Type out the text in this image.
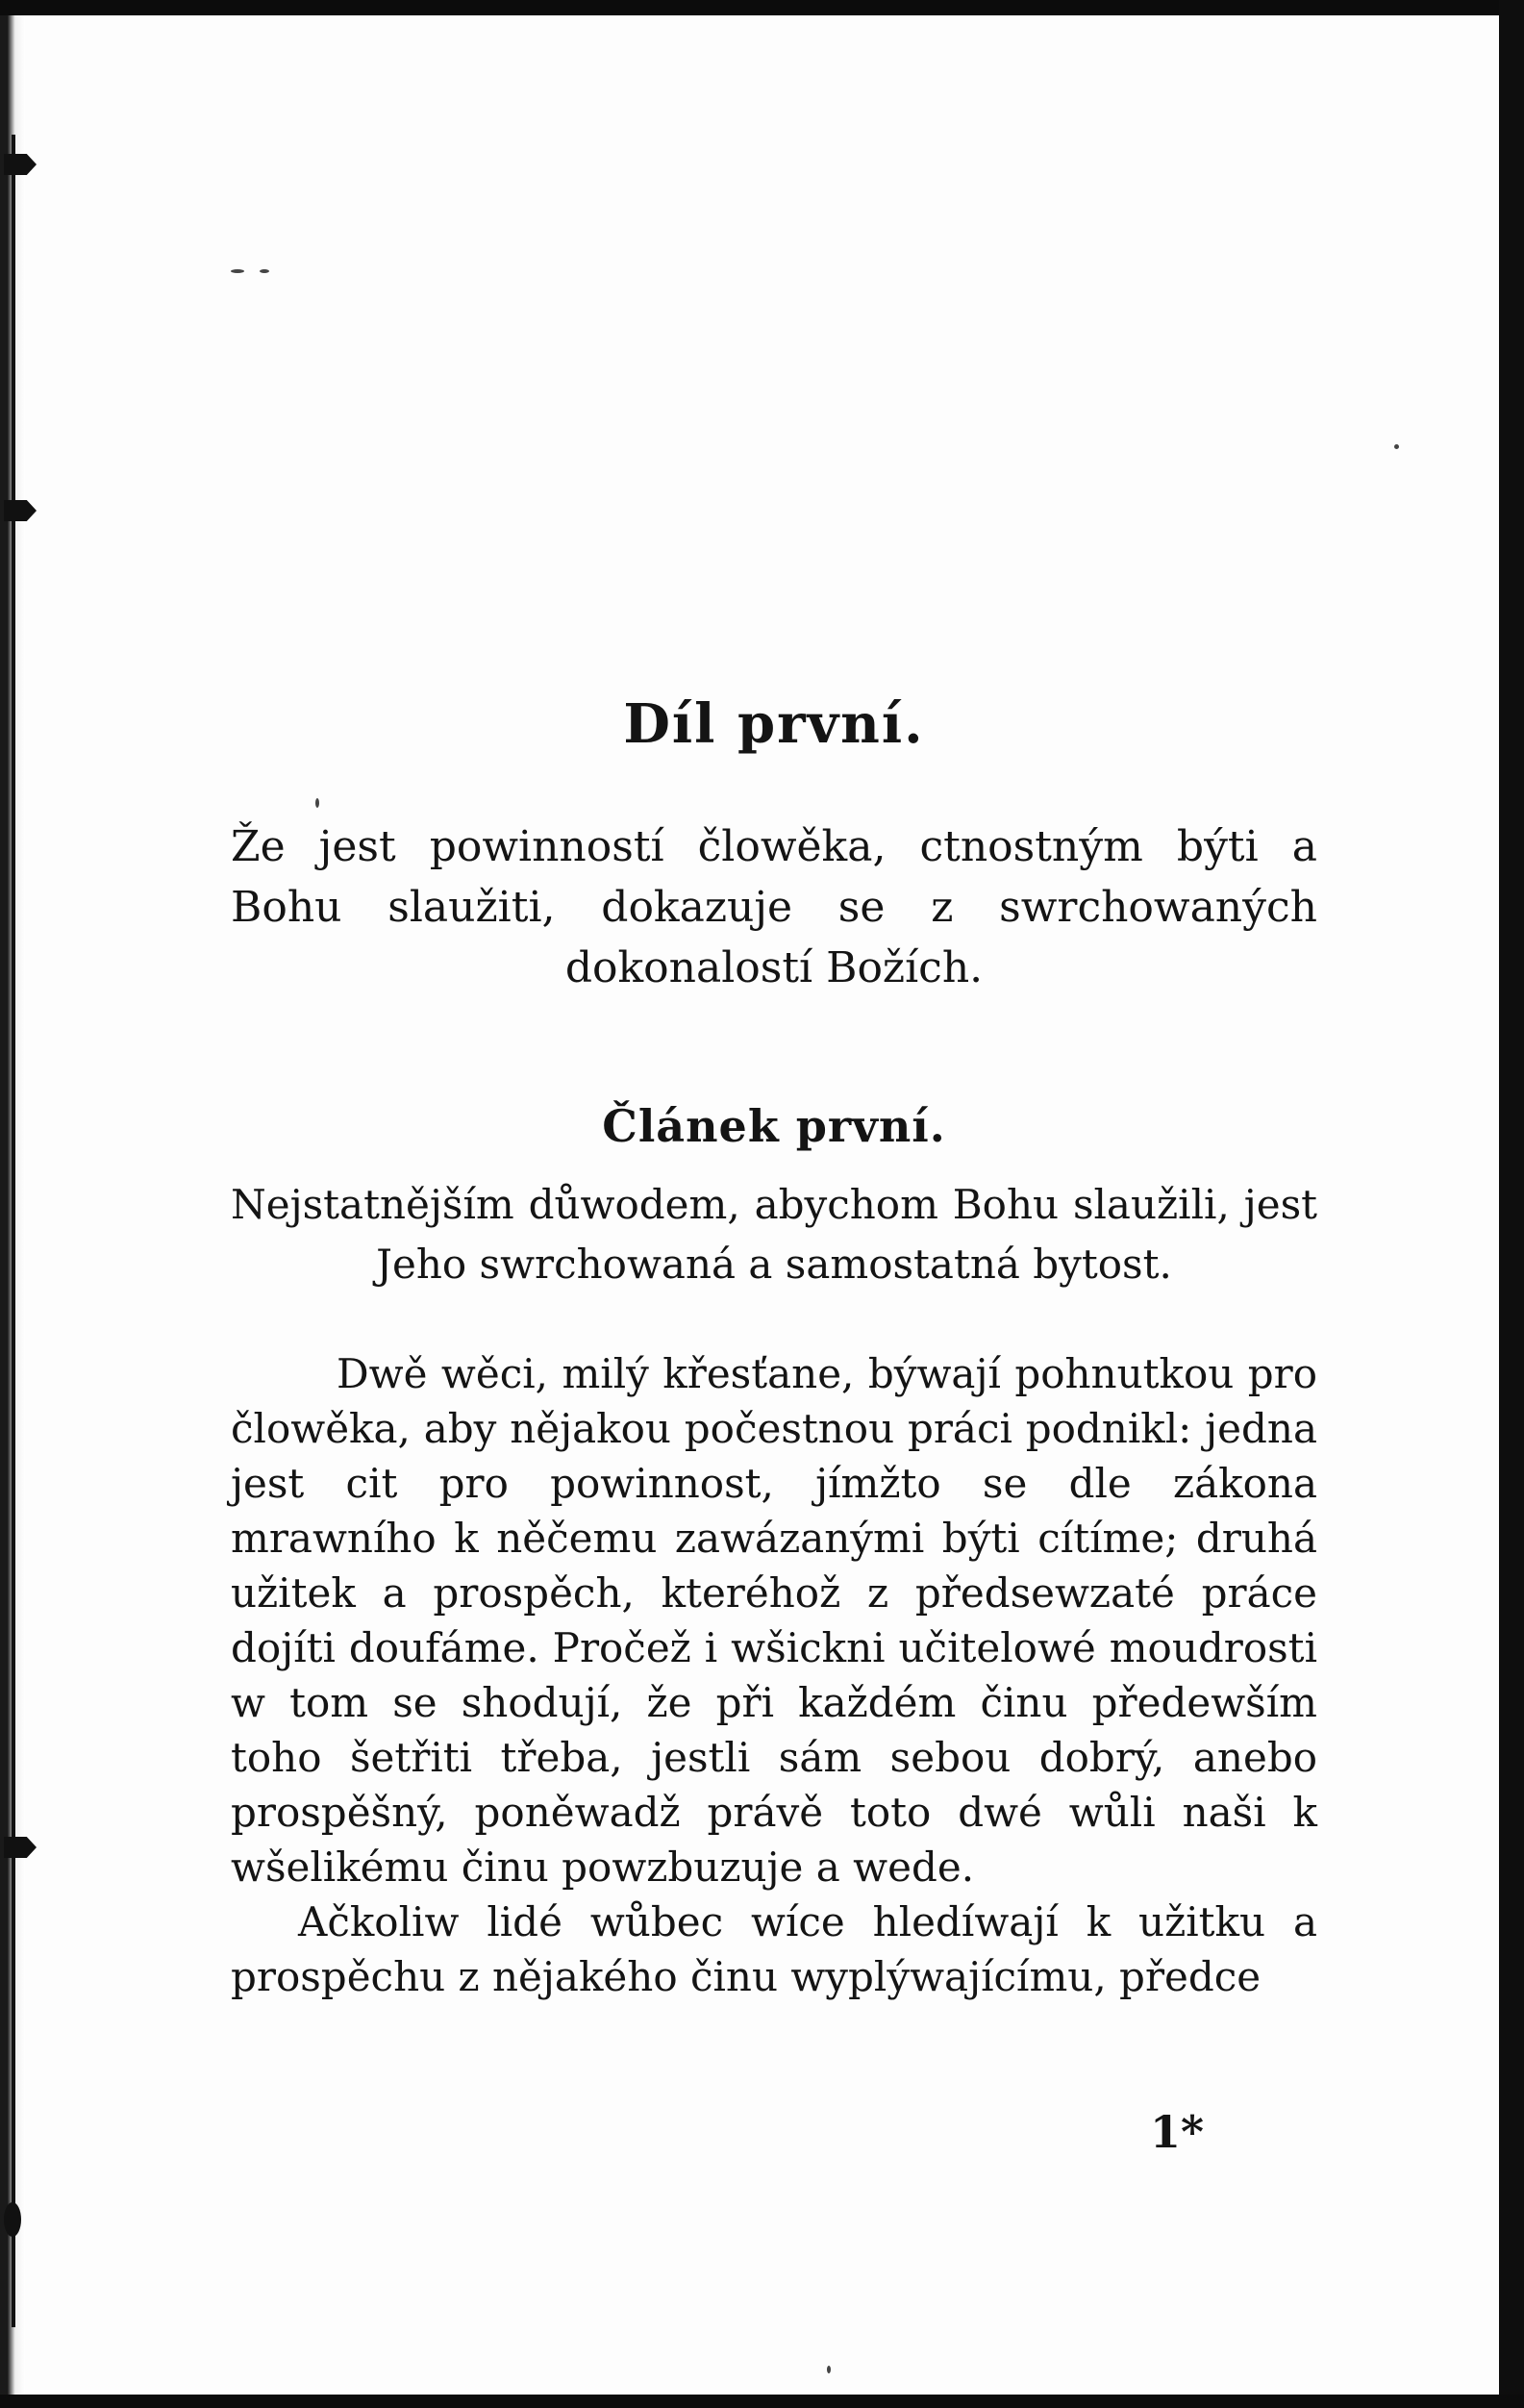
Díl první.

Že jest powinností člowěka, ctnostným býti a Bohu slaužiti, dokazuje se z swrchowaných dokonalostí Božích.

Článek první.

Nejstatnějším důwodem, abychom Bohu slaužili, jest Jeho swrchowaná a samostatná bytost.

Dwě wěci, milý křesťane, býwají pohnutkou pro člowěka, aby nějakou počestnou práci podnikl: jedna jest cit pro powinnost, jímžto se dle zákona mrawního k něčemu zawázanými býti cítíme; druhá užitek a prospěch, kteréhož z předsewzaté práce dojíti doufáme. Pročež i wšickni učitelowé moudrosti w tom se shodují, že při každém činu předewším toho šetřiti třeba, jestli sám sebou dobrý, anebo prospěšný, poněwadž právě toto dwé wůli naši k wšelikému činu powzbuzuje a wede.

Ačkoliw lidé wůbec wíce hledíwají k užitku a prospěchu z nějakého činu wyplýwajícímu, předce

1*
